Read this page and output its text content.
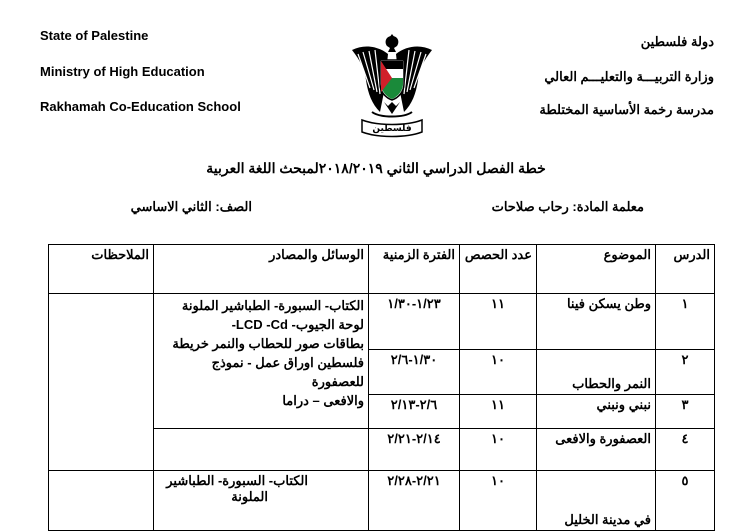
State of Palestine
Ministry of High Education
Rakhamah Co-Education School
دولة فلسطين
وزارة التربيـــة والتعليـــم العالي
مدرسة رخمة الأساسية المختلطة
فلسطين
خطة الفصل الدراسي الثاني ٢٠١٨/٢٠١٩لمبحث اللغة العربية
معلمة المادة: رحاب صلاحات
الصف: الثاني الاساسي
الدرس	الموضوع	عدد الحصص	الفترة الزمنية	الوسائل والمصادر	الملاحظات
١	وطن يسكن فينا	١١	١/٢٣-١/٣٠	الكتاب- السبورة- الطباشير الملونة
لوحة الجيوب- LCD -Cd-
بطاقات صور للحطاب والنمر خريطة
فلسطين اوراق عمل - نموذج للعصفورة
والافعى – دراما	

٢	النمر والحطاب	١٠	١/٣٠-٢/٦		
٣	نبني ونبني	١١	٢/٦-٢/١٣		
٤	العصفورة والافعى	١٠	٢/١٤-٢/٢١		
٥	في مدينة الخليل	١٠	٢/٢١-٢/٢٨	الكتاب- السبورة- الطباشير
الملونة	
